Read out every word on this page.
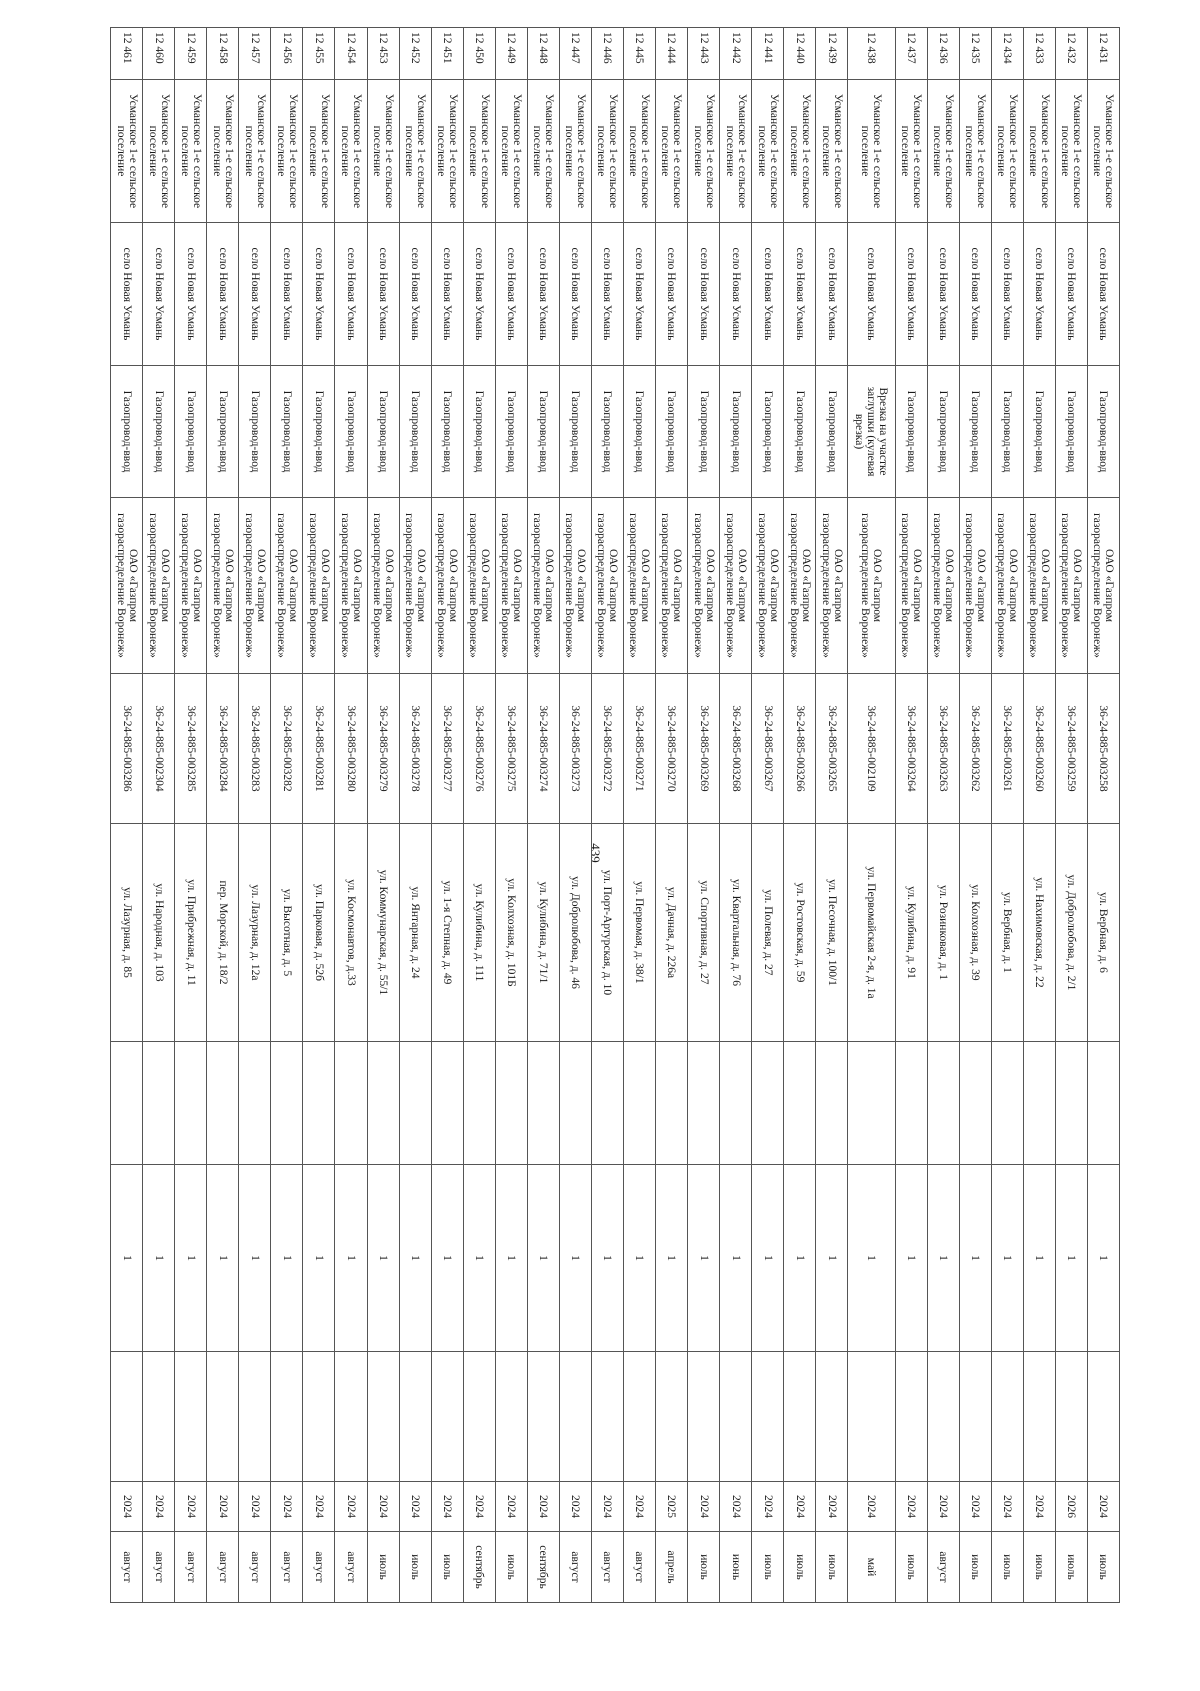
439
12 431	Усманское 1-е сельское поселение	село Новая Усмань	Газопровод-ввод	ОАО «Газпром газораспределение Воронеж»	36-24-885-003258	ул. Вербная, д. 6		1		2024	июль
12 432	Усманское 1-е сельское поселение	село Новая Усмань	Газопровод-ввод	ОАО «Газпром газораспределение Воронеж»	36-24-885-003259	ул. Добролюбова, д. 2/1		1		2026	июль
12 433	Усманское 1-е сельское поселение	село Новая Усмань	Газопровод-ввод	ОАО «Газпром газораспределение Воронеж»	36-24-885-003260	ул. Нахимовская, д. 22		1		2024	июль
12 434	Усманское 1-е сельское поселение	село Новая Усмань	Газопровод-ввод	ОАО «Газпром газораспределение Воронеж»	36-24-885-003261	ул. Вербная, д. 1		1		2024	июль
12 435	Усманское 1-е сельское поселение	село Новая Усмань	Газопровод-ввод	ОАО «Газпром газораспределение Воронеж»	36-24-885-003262	ул. Колхозная, д. 39		1		2024	июль
12 436	Усманское 1-е сельское поселение	село Новая Усмань	Газопровод-ввод	ОАО «Газпром газораспределение Воронеж»	36-24-885-003263	ул. Розинковая, д. 1		1		2024	август
12 437	Усманское 1-е сельское поселение	село Новая Усмань	Газопровод-ввод	ОАО «Газпром газораспределение Воронеж»	36-24-885-003264	ул. Кулибина, д. 91		1		2024	июль
12 438	Усманское 1-е сельское поселение	село Новая Усмань	Врезка на участке заглушки (кулевая врезка)	ОАО «Газпром газораспределение Воронеж»	36-24-885-002109	ул. Первомайская 2-я, д. 1а		1		2024	май
12 439	Усманское 1-е сельское поселение	село Новая Усмань	Газопровод-ввод	ОАО «Газпром газораспределение Воронеж»	36-24-885-003265	ул. Песочная, д. 100/1		1		2024	июль
12 440	Усманское 1-е сельское поселение	село Новая Усмань	Газопровод-ввод	ОАО «Газпром газораспределение Воронеж»	36-24-885-003266	ул. Ростовская, д. 59		1		2024	июль
12 441	Усманское 1-е сельское поселение	село Новая Усмань	Газопровод-ввод	ОАО «Газпром газораспределение Воронеж»	36-24-885-003267	ул. Полевая, д. 27		1		2024	июль
12 442	Усманское 1-е сельское поселение	село Новая Усмань	Газопровод-ввод	ОАО «Газпром газораспределение Воронеж»	36-24-885-003268	ул. Квартальная, д. 76		1		2024	июнь
12 443	Усманское 1-е сельское поселение	село Новая Усмань	Газопровод-ввод	ОАО «Газпром газораспределение Воронеж»	36-24-885-003269	ул. Спортивная, д. 27		1		2024	июль
12 444	Усманское 1-е сельское поселение	село Новая Усмань	Газопровод-ввод	ОАО «Газпром газораспределение Воронеж»	36-24-885-003270	ул. Дачная, д. 226а		1		2025	апрель
12 445	Усманское 1-е сельское поселение	село Новая Усмань	Газопровод-ввод	ОАО «Газпром газораспределение Воронеж»	36-24-885-003271	ул. Первомая, д. 38/1		1		2024	август
12 446	Усманское 1-е сельское поселение	село Новая Усмань	Газопровод-ввод	ОАО «Газпром газораспределение Воронеж»	36-24-885-003272	ул. Порт-Артурская, д. 10		1		2024	август
12 447	Усманское 1-е сельское поселение	село Новая Усмань	Газопровод-ввод	ОАО «Газпром газораспределение Воронеж»	36-24-885-003273	ул. Добролюбова, д. 46		1		2024	август
12 448	Усманское 1-е сельское поселение	село Новая Усмань	Газопровод-ввод	ОАО «Газпром газораспределение Воронеж»	36-24-885-003274	ул. Кулибина, д. 71/1		1		2024	сентябрь
12 449	Усманское 1-е сельское поселение	село Новая Усмань	Газопровод-ввод	ОАО «Газпром газораспределение Воронеж»	36-24-885-003275	ул. Колхозная, д. 101Б		1		2024	июль
12 450	Усманское 1-е сельское поселение	село Новая Усмань	Газопровод-ввод	ОАО «Газпром газораспределение Воронеж»	36-24-885-003276	ул. Кулибина, д. 111		1		2024	сентябрь
12 451	Усманское 1-е сельское поселение	село Новая Усмань	Газопровод-ввод	ОАО «Газпром газораспределение Воронеж»	36-24-885-003277	ул. 1-я Степная, д. 49		1		2024	июль
12 452	Усманское 1-е сельское поселение	село Новая Усмань	Газопровод-ввод	ОАО «Газпром газораспределение Воронеж»	36-24-885-003278	ул. Янтарная, д. 24		1		2024	июль
12 453	Усманское 1-е сельское поселение	село Новая Усмань	Газопровод-ввод	ОАО «Газпром газораспределение Воронеж»	36-24-885-003279	ул. Коммунарская, д. 55/1		1		2024	июль
12 454	Усманское 1-е сельское поселение	село Новая Усмань	Газопровод-ввод	ОАО «Газпром газораспределение Воронеж»	36-24-885-003280	ул. Космонавтов, д.33		1		2024	август
12 455	Усманское 1-е сельское поселение	село Новая Усмань	Газопровод-ввод	ОАО «Газпром газораспределение Воронеж»	36-24-885-003281	ул. Парковая, д. 52б		1		2024	август
12 456	Усманское 1-е сельское поселение	село Новая Усмань	Газопровод-ввод	ОАО «Газпром газораспределение Воронеж»	36-24-885-003282	ул. Высотная, д. 5		1		2024	август
12 457	Усманское 1-е сельское поселение	село Новая Усмань	Газопровод-ввод	ОАО «Газпром газораспределение Воронеж»	36-24-885-003283	ул. Лазурная, д. 12а		1		2024	август
12 458	Усманское 1-е сельское поселение	село Новая Усмань	Газопровод-ввод	ОАО «Газпром газораспределение Воронеж»	36-24-885-003284	пер. Морской, д. 18/2		1		2024	август
12 459	Усманское 1-е сельское поселение	село Новая Усмань	Газопровод-ввод	ОАО «Газпром газораспределение Воронеж»	36-24-885-003285	ул. Прибрежная, д. 11		1		2024	август
12 460	Усманское 1-е сельское поселение	село Новая Усмань	Газопровод-ввод	ОАО «Газпром газораспределение Воронеж»	36-24-885-002304	ул. Народная, д. 103		1		2024	август
12 461	Усманское 1-е сельское поселение	село Новая Усмань	Газопровод-ввод	ОАО «Газпром газораспределение Воронеж»	36-24-885-003286	ул. Лазурная, д. 85		1		2024	август
